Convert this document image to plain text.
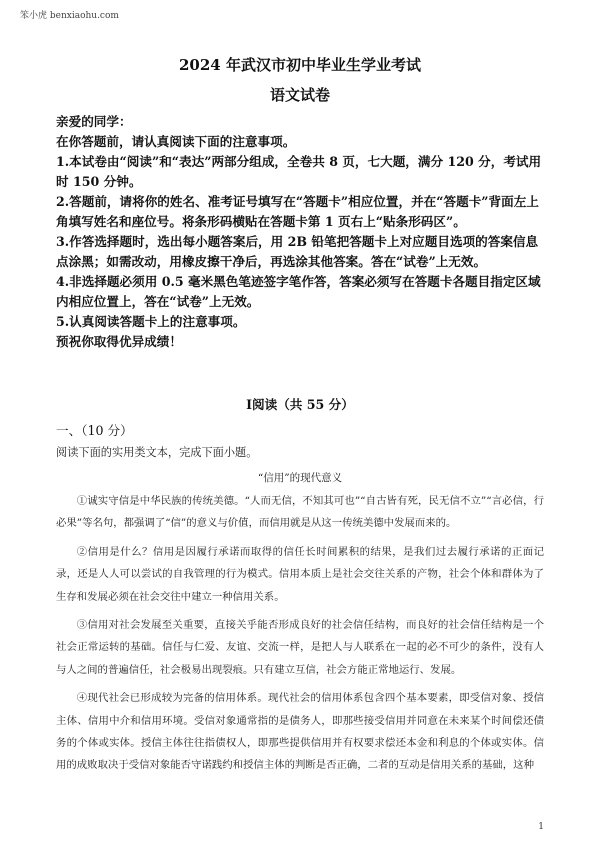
笨小虎 benxiaohu.com
2024 年武汉市初中毕业生学业考试
语文试卷

亲爱的同学：

在你答题前，请认真阅读下面的注意事项。

1.本试卷由“阅读”和“表达”两部分组成，全卷共 8 页，七大题，满分 120 分，考试用时 150 分钟。

2.答题前，请将你的姓名、准考证号填写在“答题卡”相应位置，并在“答题卡”背面左上角填写姓名和座位号。将条形码横贴在答题卡第 1 页右上“贴条形码区”。

3.作答选择题时，选出每小题答案后，用 2B 铅笔把答题卡上对应题目选项的答案信息点涂黑；如需改动，用橡皮擦干净后，再选涂其他答案。答在“试卷”上无效。

4.非选择题必须用 0.5 毫米黑色笔迹签字笔作答，答案必须写在答题卡各题目指定区域内相应位置上，答在“试卷”上无效。

5.认真阅读答题卡上的注意事项。

预祝你取得优异成绩！

Ⅰ阅读（共 55 分）
一、（10 分）
阅读下面的实用类文本，完成下面小题。
“信用”的现代意义

①诚实守信是中华民族的传统美德。“人而无信，不知其可也”“自古皆有死，民无信不立”“言必信，行必果”等名句，都强调了“信”的意义与价值，而信用就是从这一传统美德中发展而来的。

②信用是什么？信用是因履行承诺而取得的信任长时间累积的结果，是我们过去履行承诺的正面记录，还是人人可以尝试的自我管理的行为模式。信用本质上是社会交往关系的产物，社会个体和群体为了生存和发展必须在社会交往中建立一种信用关系。

③信用对社会发展至关重要，直接关乎能否形成良好的社会信任结构，而良好的社会信任结构是一个社会正常运转的基础。信任与仁爱、友谊、交流一样，是把人与人联系在一起的必不可少的条件，没有人与人之间的普遍信任，社会极易出现裂痕。只有建立互信，社会方能正常地运行、发展。

④现代社会已形成较为完备的信用体系。现代社会的信用体系包含四个基本要素，即受信对象、授信主体、信用中介和信用环境。受信对象通常指的是债务人，即那些接受信用并同意在未来某个时间偿还债务的个体或实体。授信主体往往指债权人，即那些提供信用并有权要求偿还本金和利息的个体或实体。信用的成败取决于受信对象能否守诺践约和授信主体的判断是否正确，二者的互动是信用关系的基础，这种

1
